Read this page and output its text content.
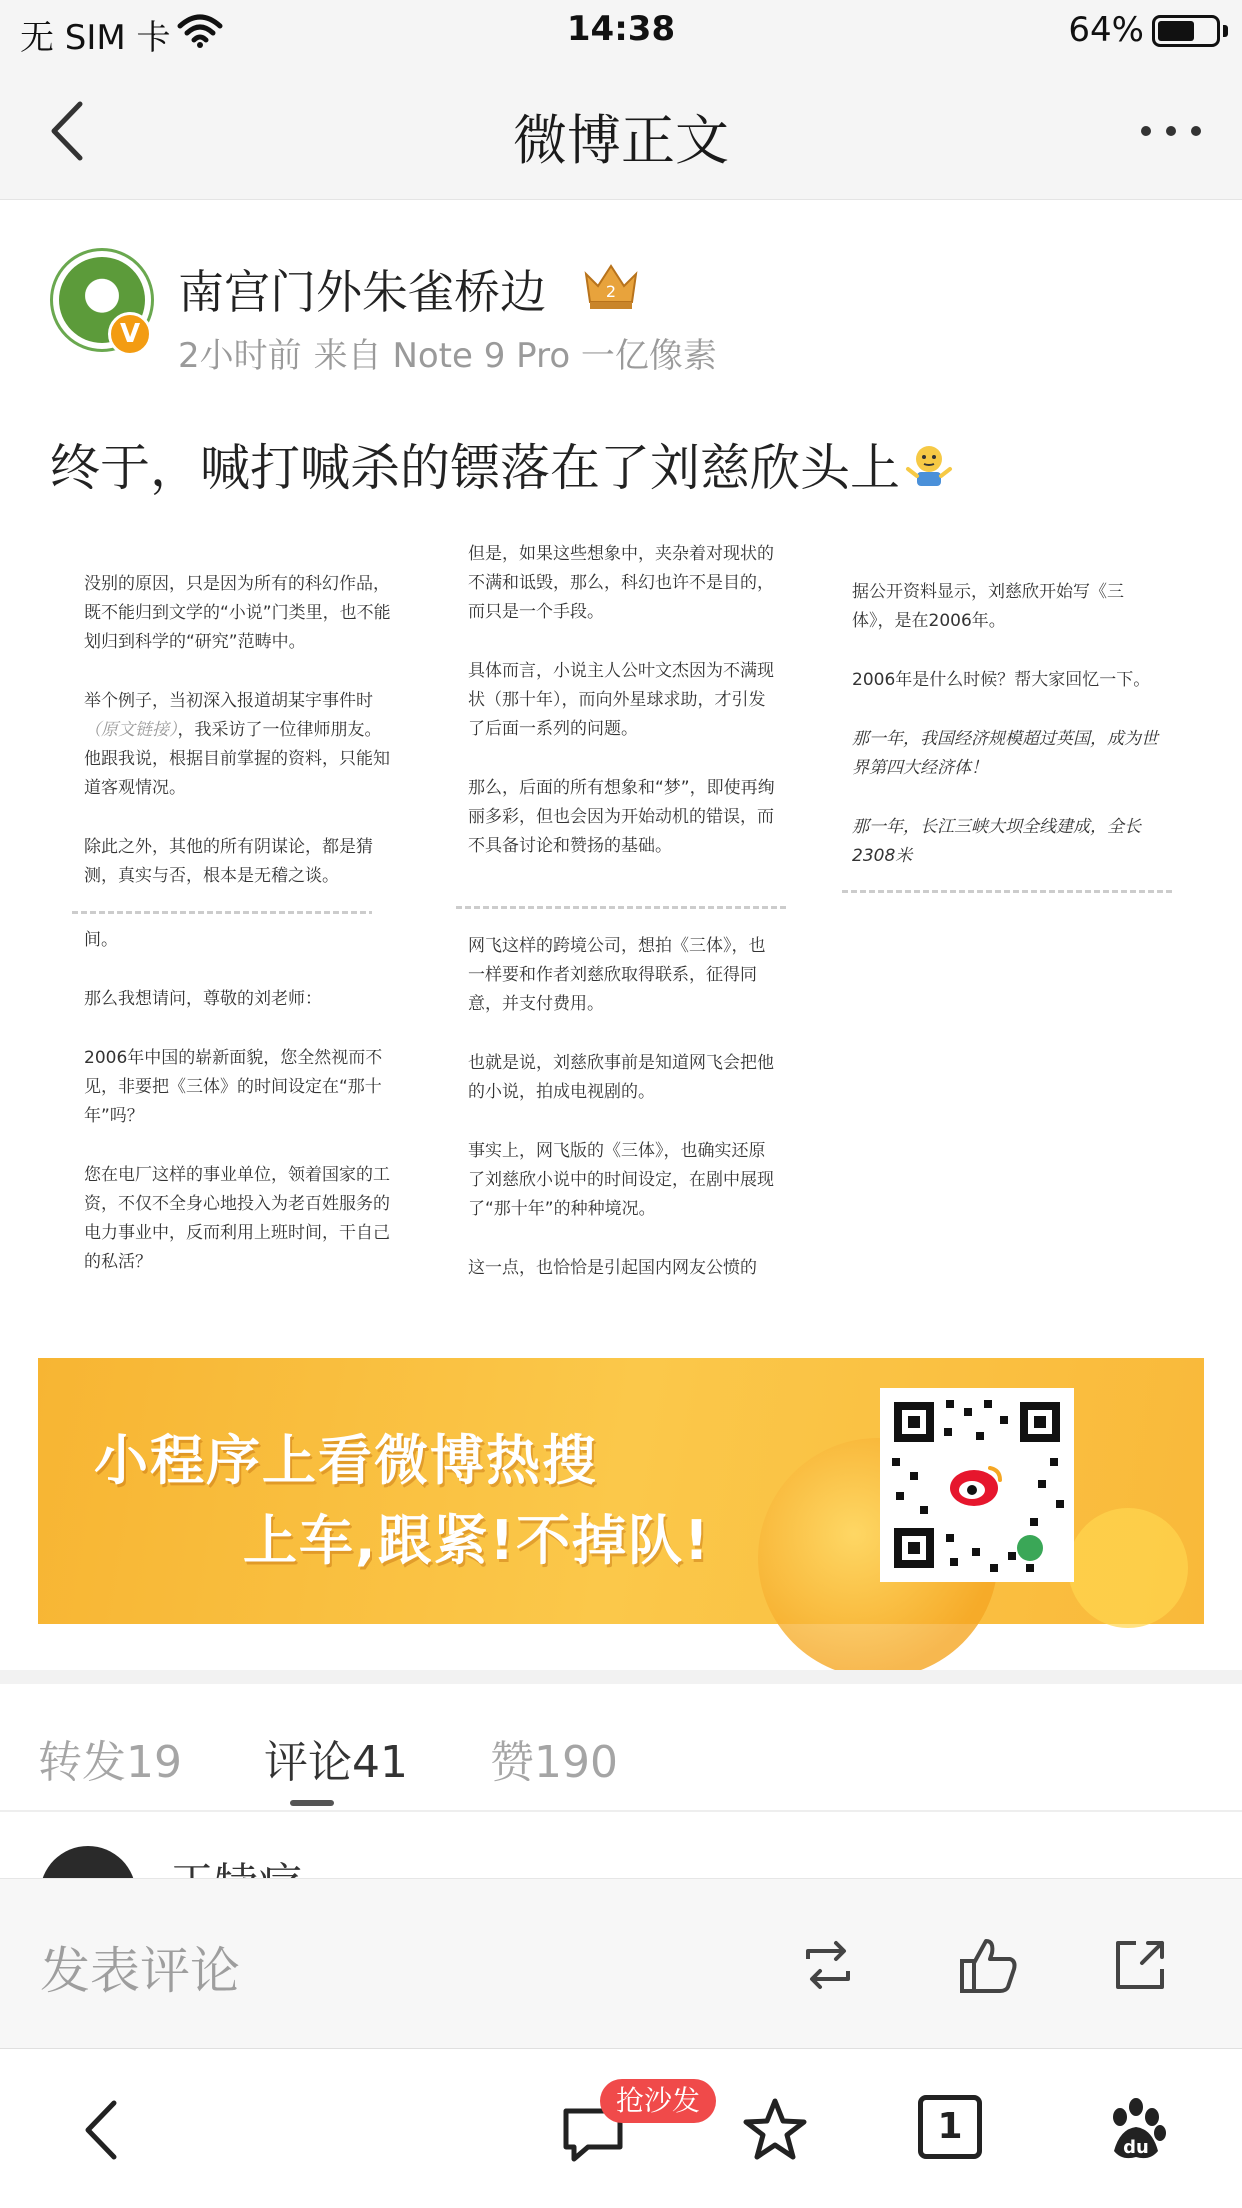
无 SIM 卡	14:38	64%
微博正文
V
南宫门外朱雀桥边	2
2小时前 来自 Note 9 Pro 一亿像素
终于，喊打喊杀的镖落在了刘慈欣头上

没别的原因，只是因为所有的科幻作品，既不能归到文学的“小说”门类里，也不能划归到科学的“研究”范畴中。

举个例子，当初深入报道胡某宇事件时（原文链接），我采访了一位律师朋友。他跟我说，根据目前掌握的资料，只能知道客观情况。

除此之外，其他的所有阴谋论，都是猜测，真实与否，根本是无稽之谈。

间。

那么我想请问，尊敬的刘老师：

2006年中国的崭新面貌，您全然视而不见，非要把《三体》的时间设定在“那十年”吗？

您在电厂这样的事业单位，领着国家的工资，不仅不全身心地投入为老百姓服务的电力事业中，反而利用上班时间，干自己的私活？

但是，如果这些想象中，夹杂着对现状的不满和诋毁，那么，科幻也许不是目的，而只是一个手段。

具体而言，小说主人公叶文杰因为不满现状（那十年），而向外星球求助，才引发了后面一系列的问题。

那么，后面的所有想象和“梦”，即使再绚丽多彩，但也会因为开始动机的错误，而不具备讨论和赞扬的基础。

网飞这样的跨境公司，想拍《三体》，也一样要和作者刘慈欣取得联系，征得同意，并支付费用。

也就是说，刘慈欣事前是知道网飞会把他的小说，拍成电视剧的。

事实上，网飞版的《三体》，也确实还原了刘慈欣小说中的时间设定，在剧中展现了“那十年”的种种境况。

这一点，也恰恰是引起国内网友公愤的

据公开资料显示，刘慈欣开始写《三体》，是在2006年。

2006年是什么时候？帮大家回忆一下。

那一年，我国经济规模超过英国，成为世界第四大经济体！

那一年，长江三峡大坝全线建成，全长2308米

小程序上看微博热搜
上车,跟紧!不掉队!
转发19 评论41 赞190
发表评论
抢沙发
1
du
